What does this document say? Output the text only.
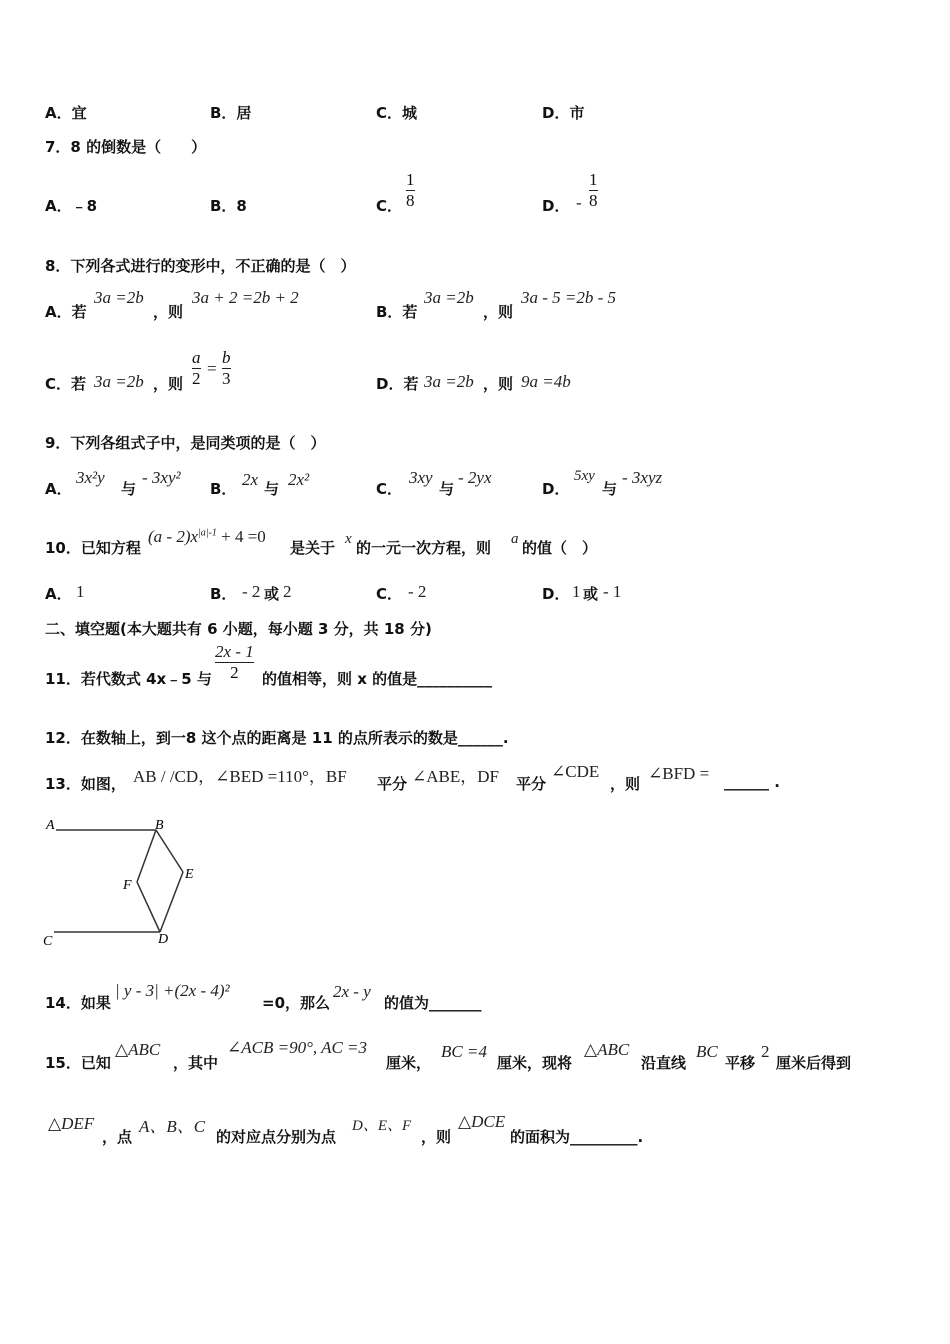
A．宜	B．居	C．城	D．市
7．8 的倒数是（　　）
A．﹣8	B．8	C．
1
8	D． -
1
8
8．下列各式进行的变形中，不正确的是（　）
A．若
3a =2b
，则
3a + 2 =2b + 2
B．若
3a =2b
，则
3a - 5 =2b - 5
C．若 3a =2b ，则
a
2
=
b
3	D．若 3a =2b ，则 9a =4b
9．下列各组式子中，是同类项的是（　）
A．
3x²y
与
- 3xy²
B． 2x 与 2x²	C．
3xy
与
- 2yx
D．
5xy
与
- 3xyz
10．已知方程
$(a - 2)x^{|a|-1} + 4 =0$
是关于 x 的一元一次方程，则 a 的值（　）
A． 1	B． - 2 或 2	C． - 2	D． 1 或 - 1
二、填空题(本大题共有 6 小题，每小题 3 分，共 18 分)
11．若代数式 4x﹣5 与
2x - 1
2 的值相等，则 x 的值是__________
12．在数轴上，到一8 这个点的距离是 11 的点所表示的数是______.
13．如图， AB / /CD，∠BED =110°，BF 平分 ∠ABE，DF 平分
∠CDE
，则
∠BFD = ______ .
A	B
C	D
E
F
14．如果
| y - 3| +(2x - 4)²
=0，那么
2x - y
的值为_______
15．已知
△ABC
，其中
∠ACB =90°, AC =3
厘米，
BC =4
厘米，现将
△ABC
沿直线
BC
平移
2
厘米后得到
△DEF
，点
A、B、C
的对应点分别为点
D、E、F
，则
△DCE
的面积为_________.
